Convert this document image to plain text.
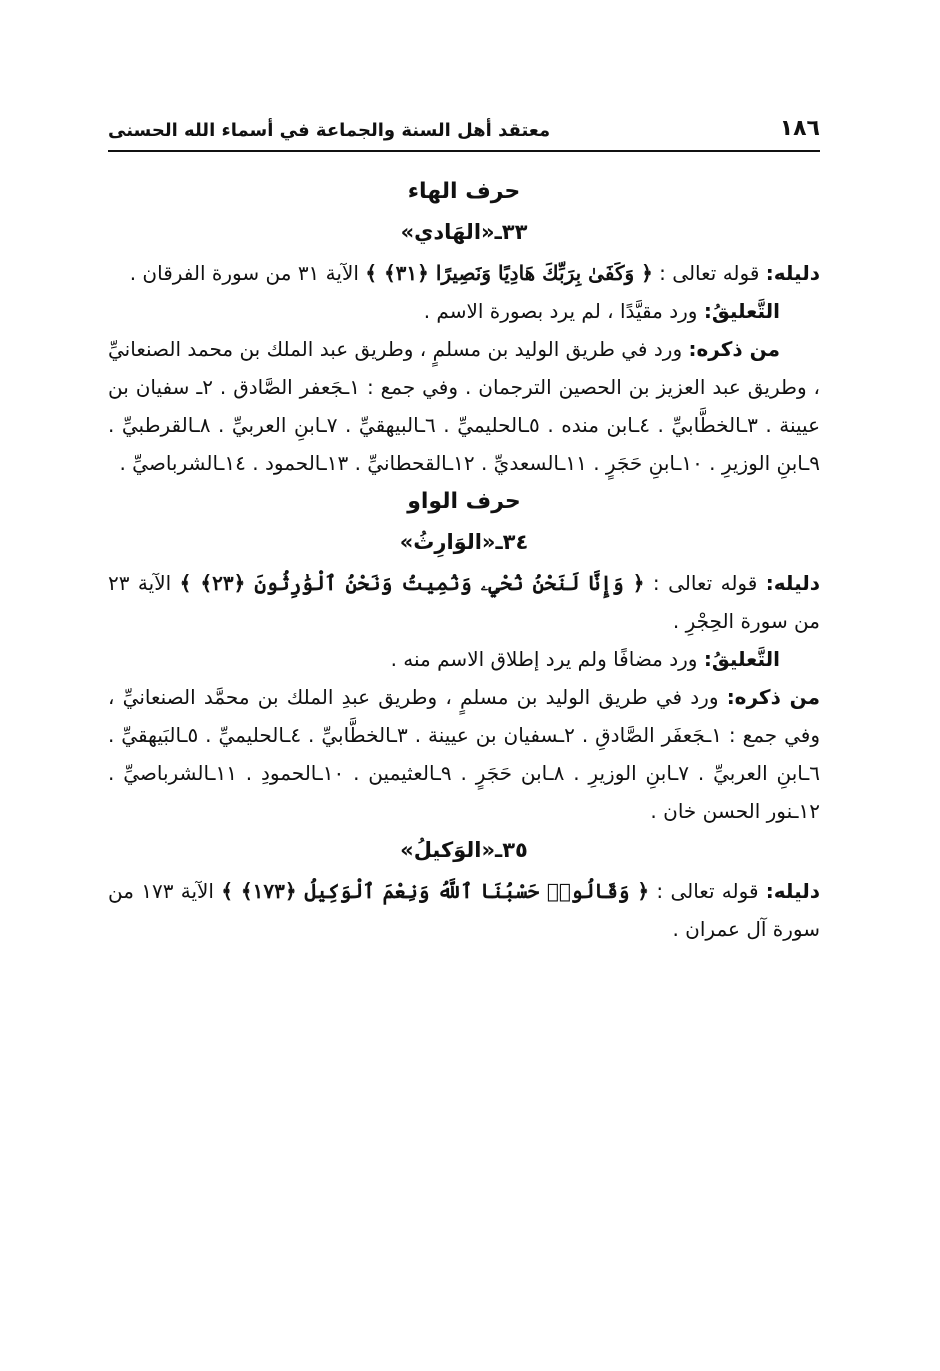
١٨٦
معتقد أهل السنة والجماعة في أسماء الله الحسنى
حرف الهاء
٣٣ـ«الهَادي»

دليله: قوله تعالى : ﴿ وَكَفَىٰ بِرَبِّكَ هَادِيًا وَنَصِيرًا ﴿٣١﴾ ﴾ الآية ٣١ من سورة الفرقان .

التَّعليقُ: ورد مقيَّدًا ، لم يرد بصورة الاسم .

من ذكره: ورد في طريق الوليد بن مسلمٍ ، وطريق عبد الملك بن محمد الصنعانيِّ ، وطريق عبد العزيز بن الحصين الترجمان . وفي جمع : ١ـجَعفر الصَّادق . ٢ـ سفيان بن عيينة . ٣ـالخطَّابيِّ . ٤ـابن منده . ٥ـالحليميِّ . ٦ـالبيهقيِّ . ٧ـابنِ العربيِّ . ٨ـالقرطبيِّ . ٩ـابنِ الوزيرِ . ١٠ـابنِ حَجَرٍ . ١١ـالسعديِّ . ١٢ـالقحطانيِّ . ١٣ـالحمود . ١٤ـالشرباصيِّ .

حرف الواو
٣٤ـ«الوَارِثُ»

دليله: قوله تعالى : ﴿ وَإِنَّا لَنَحْنُ نُحْيِۦ وَنُمِيتُ وَنَحْنُ ٱلْوَٰرِثُونَ ﴿٢٣﴾ ﴾ الآية ٢٣ من سورة الحِجْرِ .

التَّعليقُ: ورد مضافًا ولم يرد إطلاق الاسم منه .

من ذكره: ورد في طريق الوليد بن مسلمٍ ، وطريق عبدِ الملك بن محمَّد الصنعانيِّ ، وفي جمع : ١ـجَعفَر الصَّادقِ . ٢ـسفيان بن عيينة . ٣ـالخطَّابيِّ . ٤ـالحليميِّ . ٥ـالبَيهقيِّ . ٦ـابنِ العربيِّ . ٧ـابنِ الوزيرِ . ٨ـابن حَجَرٍ . ٩ـالعثيمين . ١٠ـالحمودِ . ١١ـالشرباصيِّ . ١٢ـنور الحسن خان .

٣٥ـ«الوَكيلُ»

دليله: قوله تعالى : ﴿ وَقَالُوا۟ حَسْبُنَا ٱللَّهُ وَنِعْمَ ٱلْوَكِيلُ ﴿١٧٣﴾ ﴾ الآية ١٧٣ من سورة آل عمران .
